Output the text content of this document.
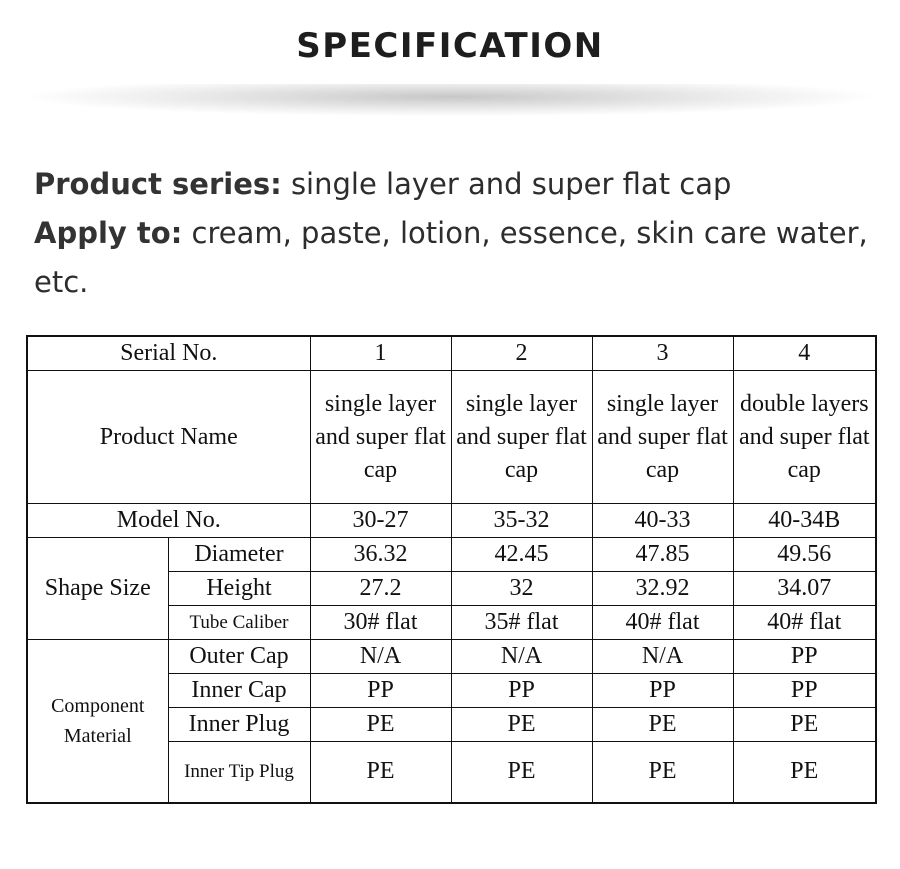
SPECIFICATION
Product series: single layer and super flat cap
Apply to: cream, paste, lotion, essence, skin care water, etc.
Serial No.		1	2	3	4
Product Name		single layer and super flat cap	single layer and super flat cap	single layer and super flat cap	double layers and super flat cap
Model No.		30-27	35-32	40-33	40-34B
Shape Size	Diameter	36.32	42.45	47.85	49.56
	Height	27.2	32	32.92	34.07
	Tube Caliber	30# flat	35# flat	40# flat	40# flat
Component Material	Outer Cap	N/A	N/A	N/A	PP
	Inner Cap	PP	PP	PP	PP
	Inner Plug	PE	PE	PE	PE
	Inner Tip Plug	PE	PE	PE	PE
